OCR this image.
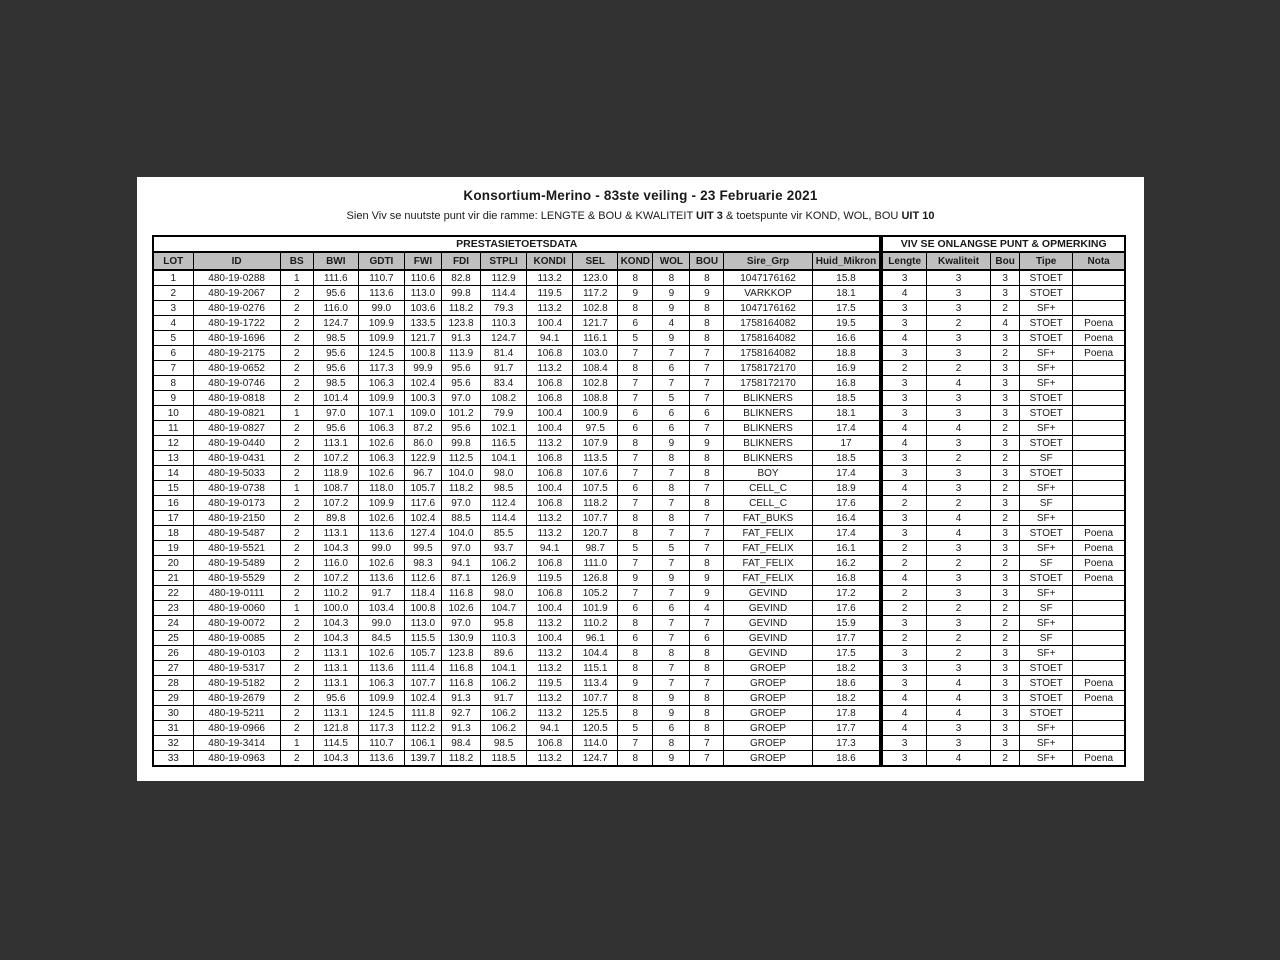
Konsortium-Merino - 83ste veiling - 23 Februarie 2021
Sien Viv se nuutste punt vir die ramme: LENGTE & BOU & KWALITEIT UIT 3 & toetspunte vir KOND, WOL, BOU UIT 10
PRESTASIETOETSDATA															VIV SE ONLANGSE PUNT & OPMERKING				
LOT	ID	BS	BWI	GDTI	FWI	FDI	STPLI	KONDI	SEL	KOND	WOL	BOU	Sire_Grp	Huid_Mikron	Lengte	Kwaliteit	Bou	Tipe	Nota
1	480-19-0288	1	111.6	110.7	110.6	82.8	112.9	113.2	123.0	8	8	8	1047176162	15.8	3	3	3	STOET	
2	480-19-2067	2	95.6	113.6	113.0	99.8	114.4	119.5	117.2	9	9	9	VARKKOP	18.1	4	3	3	STOET	
3	480-19-0276	2	116.0	99.0	103.6	118.2	79.3	113.2	102.8	8	9	8	1047176162	17.5	3	3	2	SF+	
4	480-19-1722	2	124.7	109.9	133.5	123.8	110.3	100.4	121.7	6	4	8	1758164082	19.5	3	2	4	STOET	Poena
5	480-19-1696	2	98.5	109.9	121.7	91.3	124.7	94.1	116.1	5	9	8	1758164082	16.6	4	3	3	STOET	Poena
6	480-19-2175	2	95.6	124.5	100.8	113.9	81.4	106.8	103.0	7	7	7	1758164082	18.8	3	3	2	SF+	Poena
7	480-19-0652	2	95.6	117.3	99.9	95.6	91.7	113.2	108.4	8	6	7	1758172170	16.9	2	2	3	SF+	
8	480-19-0746	2	98.5	106.3	102.4	95.6	83.4	106.8	102.8	7	7	7	1758172170	16.8	3	4	3	SF+	
9	480-19-0818	2	101.4	109.9	100.3	97.0	108.2	106.8	108.8	7	5	7	BLIKNERS	18.5	3	3	3	STOET	
10	480-19-0821	1	97.0	107.1	109.0	101.2	79.9	100.4	100.9	6	6	6	BLIKNERS	18.1	3	3	3	STOET	
11	480-19-0827	2	95.6	106.3	87.2	95.6	102.1	100.4	97.5	6	6	7	BLIKNERS	17.4	4	4	2	SF+	
12	480-19-0440	2	113.1	102.6	86.0	99.8	116.5	113.2	107.9	8	9	9	BLIKNERS	17	4	3	3	STOET	
13	480-19-0431	2	107.2	106.3	122.9	112.5	104.1	106.8	113.5	7	8	8	BLIKNERS	18.5	3	2	2	SF	
14	480-19-5033	2	118.9	102.6	96.7	104.0	98.0	106.8	107.6	7	7	8	BOY	17.4	3	3	3	STOET	
15	480-19-0738	1	108.7	118.0	105.7	118.2	98.5	100.4	107.5	6	8	7	CELL_C	18.9	4	3	2	SF+	
16	480-19-0173	2	107.2	109.9	117.6	97.0	112.4	106.8	118.2	7	7	8	CELL_C	17.6	2	2	3	SF	
17	480-19-2150	2	89.8	102.6	102.4	88.5	114.4	113.2	107.7	8	8	7	FAT_BUKS	16.4	3	4	2	SF+	
18	480-19-5487	2	113.1	113.6	127.4	104.0	85.5	113.2	120.7	8	7	7	FAT_FELIX	17.4	3	4	3	STOET	Poena
19	480-19-5521	2	104.3	99.0	99.5	97.0	93.7	94.1	98.7	5	5	7	FAT_FELIX	16.1	2	3	3	SF+	Poena
20	480-19-5489	2	116.0	102.6	98.3	94.1	106.2	106.8	111.0	7	7	8	FAT_FELIX	16.2	2	2	2	SF	Poena
21	480-19-5529	2	107.2	113.6	112.6	87.1	126.9	119.5	126.8	9	9	9	FAT_FELIX	16.8	4	3	3	STOET	Poena
22	480-19-0111	2	110.2	91.7	118.4	116.8	98.0	106.8	105.2	7	7	9	GEVIND	17.2	2	3	3	SF+	
23	480-19-0060	1	100.0	103.4	100.8	102.6	104.7	100.4	101.9	6	6	4	GEVIND	17.6	2	2	2	SF	
24	480-19-0072	2	104.3	99.0	113.0	97.0	95.8	113.2	110.2	8	7	7	GEVIND	15.9	3	3	2	SF+	
25	480-19-0085	2	104.3	84.5	115.5	130.9	110.3	100.4	96.1	6	7	6	GEVIND	17.7	2	2	2	SF	
26	480-19-0103	2	113.1	102.6	105.7	123.8	89.6	113.2	104.4	8	8	8	GEVIND	17.5	3	2	3	SF+	
27	480-19-5317	2	113.1	113.6	111.4	116.8	104.1	113.2	115.1	8	7	8	GROEP	18.2	3	3	3	STOET	
28	480-19-5182	2	113.1	106.3	107.7	116.8	106.2	119.5	113.4	9	7	7	GROEP	18.6	3	4	3	STOET	Poena
29	480-19-2679	2	95.6	109.9	102.4	91.3	91.7	113.2	107.7	8	9	8	GROEP	18.2	4	4	3	STOET	Poena
30	480-19-5211	2	113.1	124.5	111.8	92.7	106.2	113.2	125.5	8	9	8	GROEP	17.8	4	4	3	STOET	
31	480-19-0966	2	121.8	117.3	112.2	91.3	106.2	94.1	120.5	5	6	8	GROEP	17.7	4	3	3	SF+	
32	480-19-3414	1	114.5	110.7	106.1	98.4	98.5	106.8	114.0	7	8	7	GROEP	17.3	3	3	3	SF+	
33	480-19-0963	2	104.3	113.6	139.7	118.2	118.5	113.2	124.7	8	9	7	GROEP	18.6	3	4	2	SF+	Poena
